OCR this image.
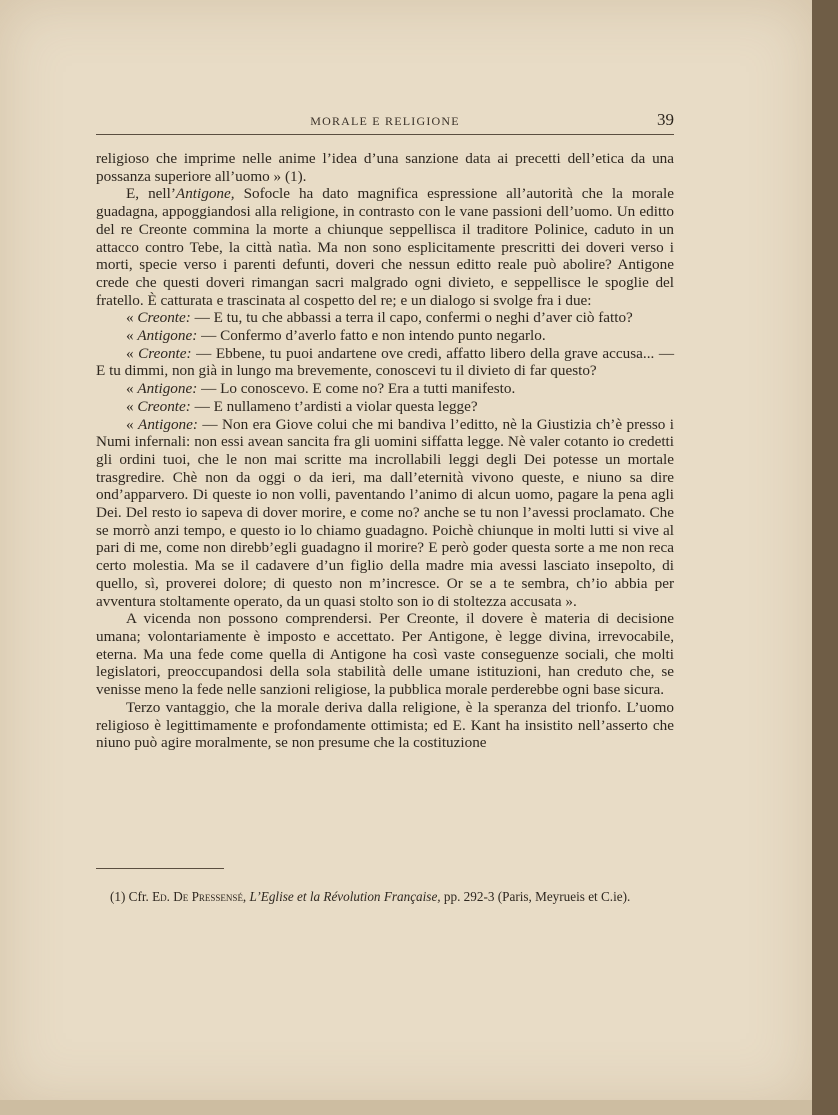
MORALE E RELIGIONE	39

religioso che imprime nelle anime l’idea d’una sanzione data ai precetti dell’etica da una possanza superiore all’uomo » (1).

E, nell’Antigone, Sofocle ha dato magnifica espressione all’autorità che la morale guadagna, appoggiandosi alla religione, in contrasto con le vane passioni dell’uomo. Un editto del re Creonte commina la morte a chiunque seppellisca il traditore Polinice, caduto in un attacco contro Tebe, la città natìa. Ma non sono esplicitamente prescritti dei doveri verso i morti, specie verso i parenti defunti, doveri che nessun editto reale può abolire? Antigone crede che questi doveri rimangan sacri malgrado ogni divieto, e seppellisce le spoglie del fratello. È catturata e trascinata al cospetto del re; e un dialogo si svolge fra i due:

« Creonte: — E tu, tu che abbassi a terra il capo, confermi o neghi d’aver ciò fatto?

« Antigone: — Confermo d’averlo fatto e non intendo punto negarlo.

« Creonte: — Ebbene, tu puoi andartene ove credi, affatto libero della grave accusa... — E tu dimmi, non già in lungo ma brevemente, conoscevi tu il divieto di far questo?

« Antigone: — Lo conoscevo. E come no? Era a tutti manifesto.

« Creonte: — E nullameno t’ardisti a violar questa legge?

« Antigone: — Non era Giove colui che mi bandiva l’editto, nè la Giustizia ch’è presso i Numi infernali: non essi avean sancita fra gli uomini siffatta legge. Nè valer cotanto io credetti gli ordini tuoi, che le non mai scritte ma incrollabili leggi degli Dei potesse un mortale trasgredire. Chè non da oggi o da ieri, ma dall’eternità vivono queste, e niuno sa dire ond’apparvero. Di queste io non volli, paventando l’animo di alcun uomo, pagare la pena agli Dei. Del resto io sapeva di dover morire, e come no? anche se tu non l’avessi proclamato. Che se morrò anzi tempo, e questo io lo chiamo guadagno. Poichè chiunque in molti lutti si vive al pari di me, come non direbb’egli guadagno il morire? E però goder questa sorte a me non reca certo molestia. Ma se il cadavere d’un figlio della madre mia avessi lasciato insepolto, di quello, sì, proverei dolore; di questo non m’incresce. Or se a te sembra, ch’io abbia per avventura stoltamente operato, da un quasi stolto son io di stoltezza accusata ».

A vicenda non possono comprendersi. Per Creonte, il dovere è materia di decisione umana; volontariamente è imposto e accettato. Per Antigone, è legge divina, irrevocabile, eterna. Ma una fede come quella di Antigone ha così vaste conseguenze sociali, che molti legislatori, preoccupandosi della sola stabilità delle umane istituzioni, han creduto che, se venisse meno la fede nelle sanzioni religiose, la pubblica morale perderebbe ogni base sicura.

Terzo vantaggio, che la morale deriva dalla religione, è la speranza del trionfo. L’uomo religioso è legittimamente e profondamente ottimista; ed E. Kant ha insistito nell’asserto che niuno può agire moralmente, se non presume che la costituzione

(1) Cfr. Ed. De Pressensé, L’Eglise et la Révolution Française, pp. 292-3 (Paris, Meyrueis et C.ie).
